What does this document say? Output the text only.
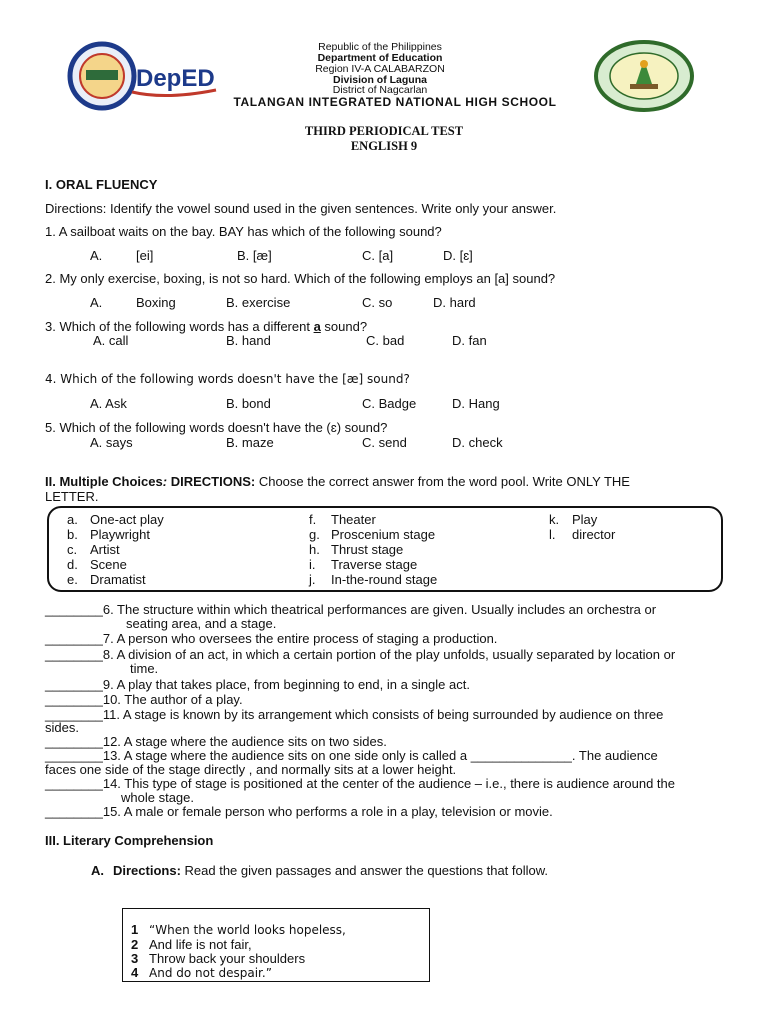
DepED
Republic of the Philippines
Department of Education
Region IV-A CALABARZON
Division of Laguna
District of Nagcarlan
TALANGAN INTEGRATED NATIONAL HIGH SCHOOL
THIRD PERIODICAL TEST
ENGLISH 9
I. ORAL FLUENCY
Directions: Identify the vowel sound used in the given sentences. Write only your answer.
1. A sailboat waits on the bay. BAY has which of the following sound?
A.	[ei]	B. [æ]	C. [a]	D. [ɛ]
2. My only exercise, boxing, is not so hard. Which of the following employs an [a] sound?
A.	Boxing	B. exercise	C. so	D. hard
3. Which of the following words has a different a sound?
A. call	B. hand	C. bad	D. fan
4. Which of the following words doesn't have the [æ] sound?
A. Ask	B. bond	C. Badge	D. Hang
5. Which of the following words doesn't have the (ɛ) sound?
A. says	B. maze	C. send	D. check
II. Multiple Choices: DIRECTIONS: Choose the correct answer from the word pool. Write ONLY THE
LETTER.
a. One-act play
b. Playwright
c. Artist
d. Scene
e. Dramatist
f. Theater
g. Proscenium stage
h. Thrust stage
i. Traverse stage
j. In-the-round stage
k. Play
l. director
________6. The structure within which theatrical performances are given. Usually includes an orchestra or
seating area, and a stage.
________7. A person who oversees the entire process of staging a production.
________8. A division of an act, in which a certain portion of the play unfolds, usually separated by location or
time.
________9. A play that takes place, from beginning to end, in a single act.
________10. The author of a play.
________11. A stage is known by its arrangement which consists of being surrounded by audience on three
sides.
________12. A stage where the audience sits on two sides.
________13. A stage where the audience sits on one side only is called a ______________. The audience
faces one side of the stage directly , and normally sits at a lower height.
________14. This type of stage is positioned at the center of the audience – i.e., there is audience around the
whole stage.
________15. A male or female person who performs a role in a play, television or movie.
III. Literary Comprehension
A. Directions: Read the given passages and answer the questions that follow.
1 “When the world looks hopeless,
2 And life is not fair,
3 Throw back your shoulders
4 And do not despair.”
